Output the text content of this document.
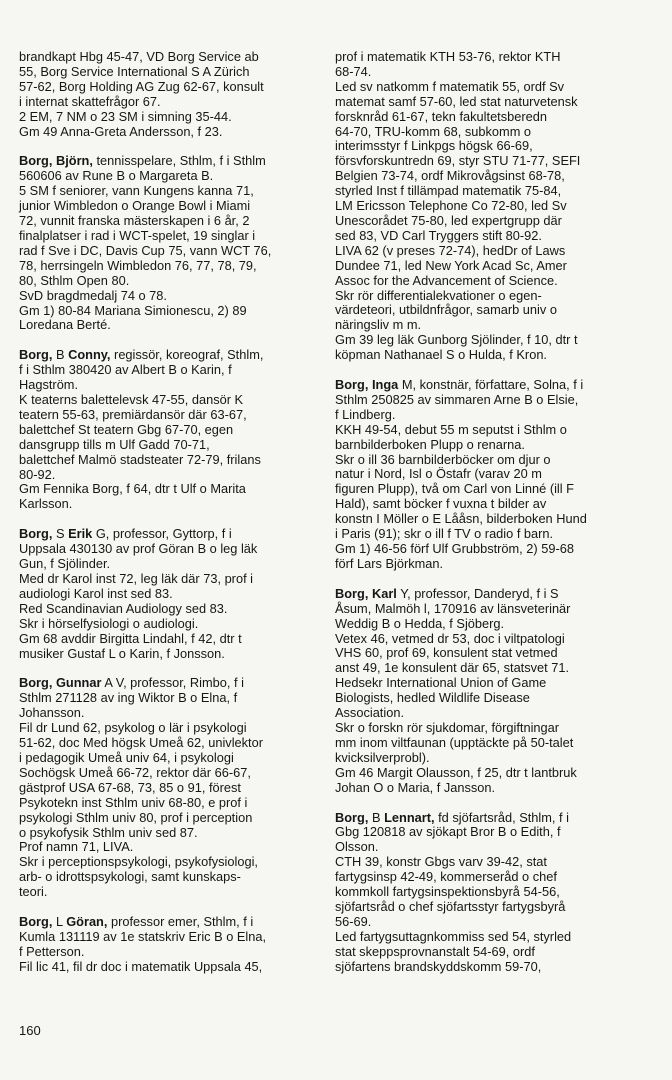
brandkapt Hbg 45-47, VD Borg Service ab
55, Borg Service International S A Zürich
57-62, Borg Holding AG Zug 62-67, konsult
i internat skattefrågor 67.
2 EM, 7 NM o 23 SM i simning 35-44.
Gm 49 Anna-Greta Andersson, f 23.
Borg, Björn, tennisspelare, Sthlm, f i Sthlm
560606 av Rune B o Margareta B.
5 SM f seniorer, vann Kungens kanna 71,
junior Wimbledon o Orange Bowl i Miami
72, vunnit franska mästerskapen i 6 år, 2
finalplatser i rad i WCT-spelet, 19 singlar i
rad f Sve i DC, Davis Cup 75, vann WCT 76,
78, herrsingeln Wimbledon 76, 77, 78, 79,
80, Sthlm Open 80.
SvD bragdmedalj 74 o 78.
Gm 1) 80-84 Mariana Simionescu, 2) 89
Loredana Berté.
Borg, B Conny, regissör, koreograf, Sthlm,
f i Sthlm 380420 av Albert B o Karin, f
Hagström.
K teaterns balettelevsk 47-55, dansör K
teatern 55-63, premiärdansör där 63-67,
balettchef St teatern Gbg 67-70, egen
dansgrupp tills m Ulf Gadd 70-71,
balettchef Malmö stadsteater 72-79, frilans
80-92.
Gm Fennika Borg, f 64, dtr t Ulf o Marita
Karlsson.
Borg, S Erik G, professor, Gyttorp, f i
Uppsala 430130 av prof Göran B o leg läk
Gun, f Sjölinder.
Med dr Karol inst 72, leg läk där 73, prof i
audiologi Karol inst sed 83.
Red Scandinavian Audiology sed 83.
Skr i hörselfysiologi o audiologi.
Gm 68 avddir Birgitta Lindahl, f 42, dtr t
musiker Gustaf L o Karin, f Jonsson.
Borg, Gunnar A V, professor, Rimbo, f i
Sthlm 271128 av ing Wiktor B o Elna, f
Johansson.
Fil dr Lund 62, psykolog o lär i psykologi
51-62, doc Med högsk Umeå 62, univlektor
i pedagogik Umeå univ 64, i psykologi
Sochögsk Umeå 66-72, rektor där 66-67,
gästprof USA 67-68, 73, 85 o 91, förest
Psykotekn inst Sthlm univ 68-80, e prof i
psykologi Sthlm univ 80, prof i perception
o psykofysik Sthlm univ sed 87.
Prof namn 71, LIVA.
Skr i perceptionspsykologi, psykofysiologi,
arb- o idrottspsykologi, samt kunskaps-
teori.
Borg, L Göran, professor emer, Sthlm, f i
Kumla 131119 av 1e statskriv Eric B o Elna,
f Petterson.
Fil lic 41, fil dr doc i matematik Uppsala 45,
prof i matematik KTH 53-76, rektor KTH
68-74.
Led sv natkomm f matematik 55, ordf Sv
matemat samf 57-60, led stat naturvetensk
forsknråd 61-67, tekn fakultetsberedn
64-70, TRU-komm 68, subkomm o
interimsstyr f Linkpgs högsk 66-69,
försvforskuntredn 69, styr STU 71-77, SEFI
Belgien 73-74, ordf Mikrovågsinst 68-78,
styrled Inst f tillämpad matematik 75-84,
LM Ericsson Telephone Co 72-80, led Sv
Unescorådet 75-80, led expertgrupp där
sed 83, VD Carl Tryggers stift 80-92.
LIVA 62 (v preses 72-74), hedDr of Laws
Dundee 71, led New York Acad Sc, Amer
Assoc for the Advancement of Science.
Skr rör differentialekvationer o egen-
värdeteori, utbildnfrågor, samarb univ o
näringsliv m m.
Gm 39 leg läk Gunborg Sjölinder, f 10, dtr t
köpman Nathanael S o Hulda, f Kron.
Borg, Inga M, konstnär, författare, Solna, f i
Sthlm 250825 av simmaren Arne B o Elsie,
f Lindberg.
KKH 49-54, debut 55 m seputst i Sthlm o
barnbilderboken Plupp o renarna.
Skr o ill 36 barnbilderböcker om djur o
natur i Nord, Isl o Östafr (varav 20 m
figuren Plupp), två om Carl von Linné (ill F
Hald), samt böcker f vuxna t bilder av
konstn I Möller o E Lååsn, bilderboken Hund
i Paris (91); skr o ill f TV o radio f barn.
Gm 1) 46-56 förf Ulf Grubbström, 2) 59-68
förf Lars Björkman.
Borg, Karl Y, professor, Danderyd, f i S
Åsum, Malmöh l, 170916 av länsveterinär
Weddig B o Hedda, f Sjöberg.
Vetex 46, vetmed dr 53, doc i viltpatologi
VHS 60, prof 69, konsulent stat vetmed
anst 49, 1e konsulent där 65, statsvet 71.
Hedsekr International Union of Game
Biologists, hedled Wildlife Disease
Association.
Skr o forskn rör sjukdomar, förgiftningar
mm inom viltfaunan (upptäckte på 50-talet
kvicksilverprobl).
Gm 46 Margit Olausson, f 25, dtr t lantbruk
Johan O o Maria, f Jansson.
Borg, B Lennart, fd sjöfartsråd, Sthlm, f i
Gbg 120818 av sjökapt Bror B o Edith, f
Olsson.
CTH 39, konstr Gbgs varv 39-42, stat
fartygsinsp 42-49, kommerseråd o chef
kommkoll fartygsinspektionsbyrå 54-56,
sjöfartsråd o chef sjöfartsstyr fartygsbyrå
56-69.
Led fartygsuttagnkommiss sed 54, styrled
stat skeppsprovnanstalt 54-69, ordf
sjöfartens brandskyddskomm 59-70,
160
